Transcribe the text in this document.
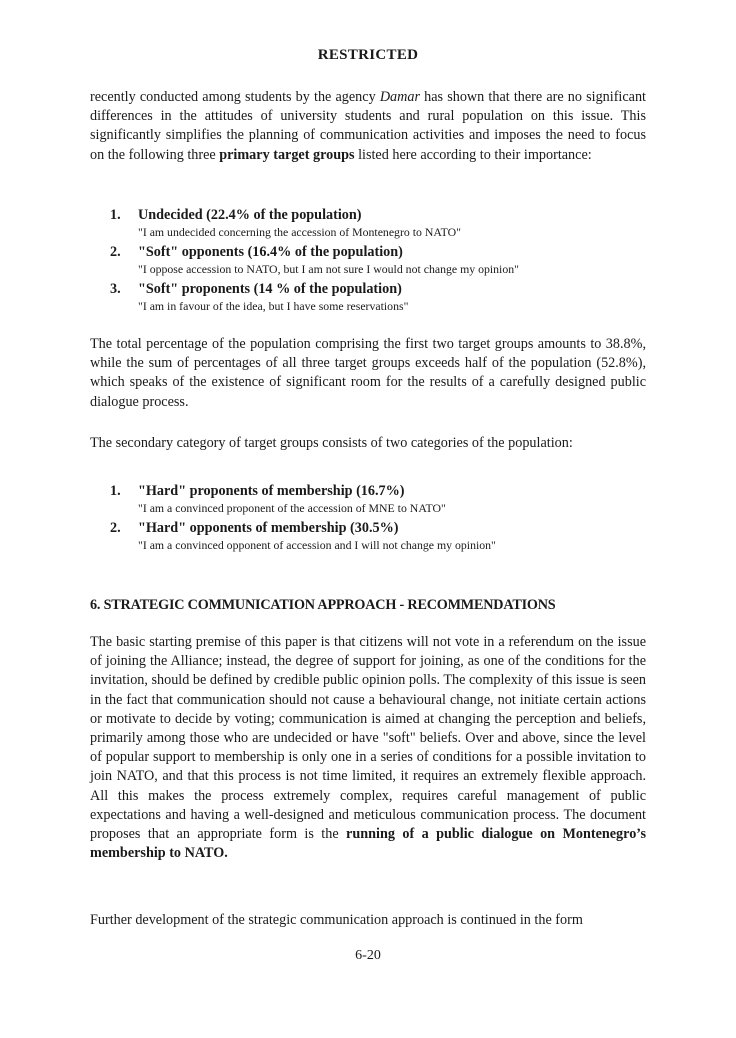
RESTRICTED

recently conducted among students by the agency Damar has shown that there are no significant differences in the attitudes of university students and rural population on this issue. This significantly simplifies the planning of communication activities and imposes the need to focus on the following three primary target groups listed here according to their importance:

1. Undecided (22.4% of the population)
"I am undecided concerning the accession of Montenegro to NATO"
2. "Soft" opponents (16.4% of the population)
"I oppose accession to NATO, but I am not sure I would not change my opinion"
3. "Soft" proponents (14 % of the population)
"I am in favour of the idea, but I have some reservations"

The total percentage of the population comprising the first two target groups amounts to 38.8%, while the sum of percentages of all three target groups exceeds half of the population (52.8%), which speaks of the existence of significant room for the results of a carefully designed public dialogue process.

The secondary category of target groups consists of two categories of the population:

1. "Hard" proponents of membership (16.7%)
"I am a convinced proponent of the accession of MNE to NATO"
2. "Hard" opponents of membership (30.5%)
"I am a convinced opponent of accession and I will not change my opinion"
6. STRATEGIC COMMUNICATION APPROACH - RECOMMENDATIONS

The basic starting premise of this paper is that citizens will not vote in a referendum on the issue of joining the Alliance; instead, the degree of support for joining, as one of the conditions for the invitation, should be defined by credible public opinion polls. The complexity of this issue is seen in the fact that communication should not cause a behavioural change, not initiate certain actions or motivate to decide by voting; communication is aimed at changing the perception and beliefs, primarily among those who are undecided or have "soft" beliefs. Over and above, since the level of popular support to membership is only one in a series of conditions for a possible invitation to join NATO, and that this process is not time limited, it requires an extremely flexible approach. All this makes the process extremely complex, requires careful management of public expectations and having a well-designed and meticulous communication process. The document proposes that an appropriate form is the running of a public dialogue on Montenegro’s membership to NATO.

Further development of the strategic communication approach is continued in the form

6-20
